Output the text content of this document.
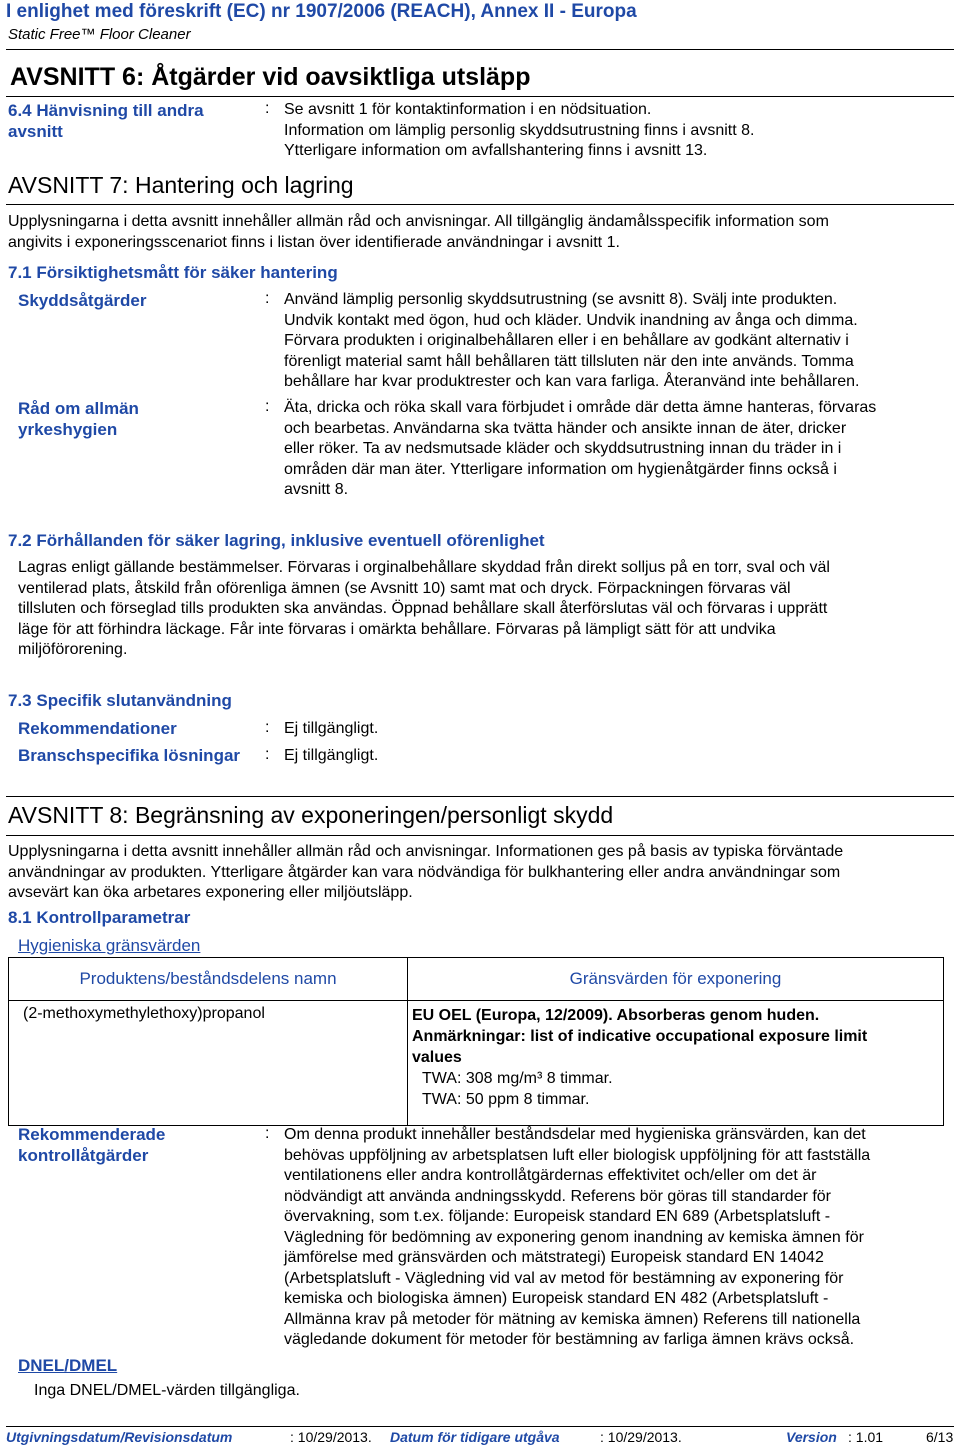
I enlighet med föreskrift (EC) nr 1907/2006 (REACH), Annex II - Europa
Static Free™ Floor Cleaner
AVSNITT 6: Åtgärder vid oavsiktliga utsläpp
6.4 Hänvisning till andra
avsnitt
: Se avsnitt 1 för kontaktinformation i en nödsituation.
Information om lämplig personlig skyddsutrustning finns i avsnitt 8.
Ytterligare information om avfallshantering finns i avsnitt 13.
AVSNITT 7: Hantering och lagring
Upplysningarna i detta avsnitt innehåller allmän råd och anvisningar. All tillgänglig ändamålsspecifik information som
angivits i exponeringsscenariot finns i listan över identifierade användningar i avsnitt 1.
7.1 Försiktighetsmått för säker hantering
Skyddsåtgärder	: Använd lämplig personlig skyddsutrustning (se avsnitt 8). Svälj inte produkten.
Undvik kontakt med ögon, hud och kläder. Undvik inandning av ånga och dimma.
Förvara produkten i originalbehållaren eller i en behållare av godkänt alternativ i
förenligt material samt håll behållaren tätt tillsluten när den inte används. Tomma
behållare har kvar produktrester och kan vara farliga. Återanvänd inte behållaren.
Råd om allmän
yrkeshygien
: Äta, dricka och röka skall vara förbjudet i område där detta ämne hanteras, förvaras
och bearbetas. Användarna ska tvätta händer och ansikte innan de äter, dricker
eller röker. Ta av nedsmutsade kläder och skyddsutrustning innan du träder in i
områden där man äter. Ytterligare information om hygienåtgärder finns också i
avsnitt 8.
7.2 Förhållanden för säker lagring, inklusive eventuell oförenlighet
Lagras enligt gällande bestämmelser. Förvaras i orginalbehållare skyddad från direkt solljus på en torr, sval och väl
ventilerad plats, åtskild från oförenliga ämnen (se Avsnitt 10) samt mat och dryck. Förpackningen förvaras väl
tillsluten och förseglad tills produkten ska användas. Öppnad behållare skall återförslutas väl och förvaras i upprätt
läge för att förhindra läckage. Får inte förvaras i omärkta behållare. Förvaras på lämpligt sätt för att undvika
miljöförorening.
7.3 Specifik slutanvändning
Rekommendationer	: Ej tillgängligt.
Branschspecifika lösningar : Ej tillgängligt.
AVSNITT 8: Begränsning av exponeringen/personligt skydd
Upplysningarna i detta avsnitt innehåller allmän råd och anvisningar. Informationen ges på basis av typiska förväntade
användningar av produkten. Ytterligare åtgärder kan vara nödvändiga för bulkhantering eller andra användningar som
avsevärt kan öka arbetares exponering eller miljöutsläpp.
8.1 Kontrollparametrar
Hygieniska gränsvärden
Produktens/beståndsdelens namn	Gränsvärden för exponering
(2-methoxymethylethoxy)propanol	EU OEL (Europa, 12/2009). Absorberas genom huden.
Anmärkningar: list of indicative occupational exposure limit
values
TWA: 308 mg/m³ 8 timmar.
TWA: 50 ppm 8 timmar.
Rekommenderade
kontrollåtgärder
: Om denna produkt innehåller beståndsdelar med hygieniska gränsvärden, kan det
behövas uppföljning av arbetsplatsen luft eller biologisk uppföljning för att fastställa
ventilationens eller andra kontrollåtgärdernas effektivitet och/eller om det är
nödvändigt att använda andningsskydd. Referens bör göras till standarder för
övervakning, som t.ex. följande: Europeisk standard EN 689 (Arbetsplatsluft -
Vägledning för bedömning av exponering genom inandning av kemiska ämnen för
jämförelse med gränsvärden och mätstrategi) Europeisk standard EN 14042
(Arbetsplatsluft - Vägledning vid val av metod för bestämning av exponering för
kemiska och biologiska ämnen) Europeisk standard EN 482 (Arbetsplatsluft -
Allmänna krav på metoder för mätning av kemiska ämnen) Referens till nationella
vägledande dokument för metoder för bestämning av farliga ämnen krävs också.
DNEL/DMEL
Inga DNEL/DMEL-värden tillgängliga.
Utgivningsdatum/Revisionsdatum	: 10/29/2013. Datum för tidigare utgåva	: 10/29/2013.	Version : 1.01	6/13
